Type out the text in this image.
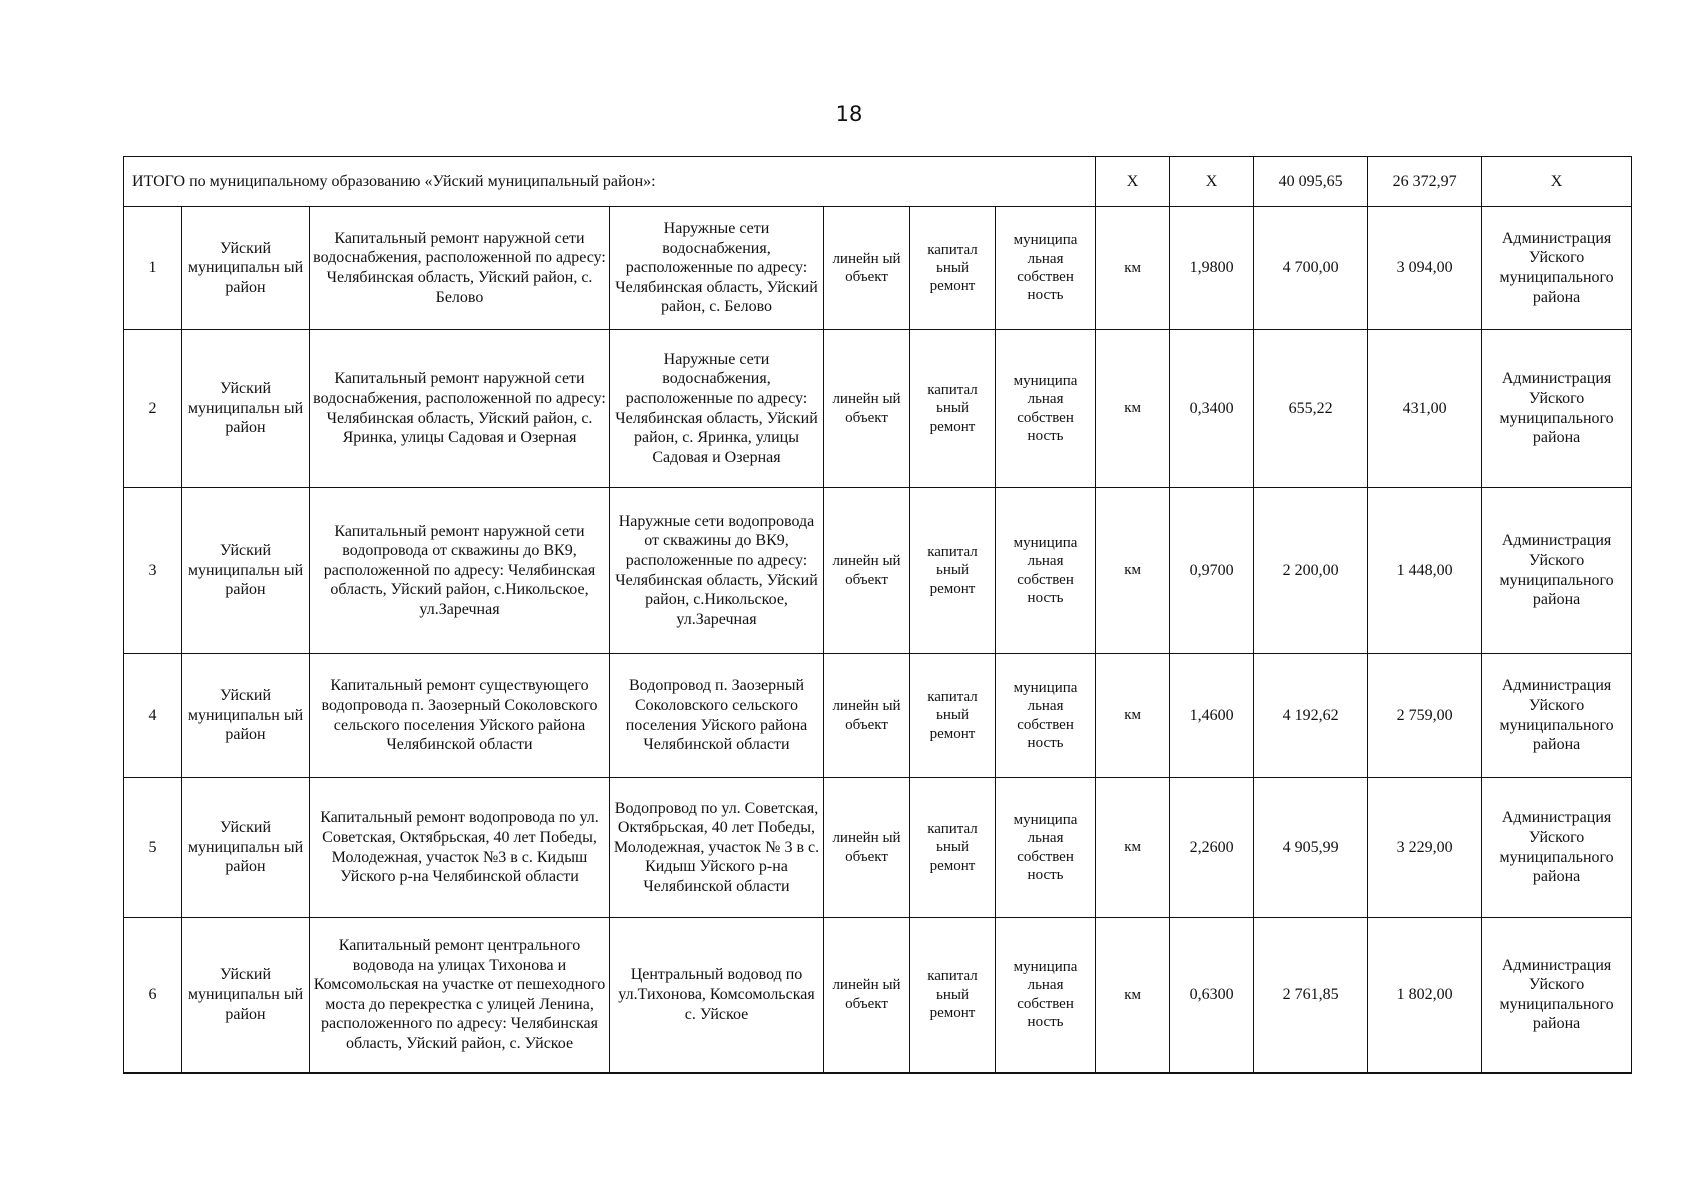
18
ИТОГО по муниципальному образованию «Уйский муниципальный район»:							X	X	40 095,65	26 372,97	X
1	Уйский муниципальн ый район	Капитальный ремонт наружной сети водоснабжения, расположенной по адресу: Челябинская область, Уйский район, с. Белово	Наружные сети водоснабжения, расположенные по адресу: Челябинская область, Уйский район, с. Белово	линейн ый объект	капитал ьный ремонт	муниципа льная собствен ность	км	1,9800	4 700,00	3 094,00	Администрация Уйского муниципального района
2	Уйский муниципальн ый район	Капитальный ремонт наружной сети водоснабжения, расположенной по адресу: Челябинская область, Уйский район, с. Яринка, улицы Садовая и Озерная	Наружные сети водоснабжения, расположенные по адресу: Челябинская область, Уйский район, с. Яринка, улицы Садовая и Озерная	линейн ый объект	капитал ьный ремонт	муниципа льная собствен ность	км	0,3400	655,22	431,00	Администрация Уйского муниципального района
3	Уйский муниципальн ый район	Капитальный ремонт наружной сети водопровода от скважины до ВК9, расположенной по адресу: Челябинская область, Уйский район, с.Никольское, ул.Заречная	Наружные сети водопровода от скважины до ВК9, расположенные по адресу: Челябинская область, Уйский район, с.Никольское, ул.Заречная	линейн ый объект	капитал ьный ремонт	муниципа льная собствен ность	км	0,9700	2 200,00	1 448,00	Администрация Уйского муниципального района
4	Уйский муниципальн ый район	Капитальный ремонт существующего водопровода п. Заозерный Соколовского сельского поселения Уйского района Челябинской области	Водопровод п. Заозерный Соколовского сельского поселения Уйского района Челябинской области	линейн ый объект	капитал ьный ремонт	муниципа льная собствен ность	км	1,4600	4 192,62	2 759,00	Администрация Уйского муниципального района
5	Уйский муниципальн ый район	Капитальный ремонт водопровода по ул. Советская, Октябрьская, 40 лет Победы, Молодежная, участок №3 в с. Кидыш Уйского р-на Челябинской области	Водопровод по ул. Советская, Октябрьская, 40 лет Победы, Молодежная, участок № 3 в с. Кидыш Уйского р-на Челябинской области	линейн ый объект	капитал ьный ремонт	муниципа льная собствен ность	км	2,2600	4 905,99	3 229,00	Администрация Уйского муниципального района
6	Уйский муниципальн ый район	Капитальный ремонт центрального водовода на улицах Тихонова и Комсомольская на участке от пешеходного моста до перекрестка с улицей Ленина, расположенного по адресу: Челябинская область, Уйский район, с. Уйское	Центральный водовод по ул.Тихонова, Комсомольская с. Уйское	линейн ый объект	капитал ьный ремонт	муниципа льная собствен ность	км	0,6300	2 761,85	1 802,00	Администрация Уйского муниципального района
